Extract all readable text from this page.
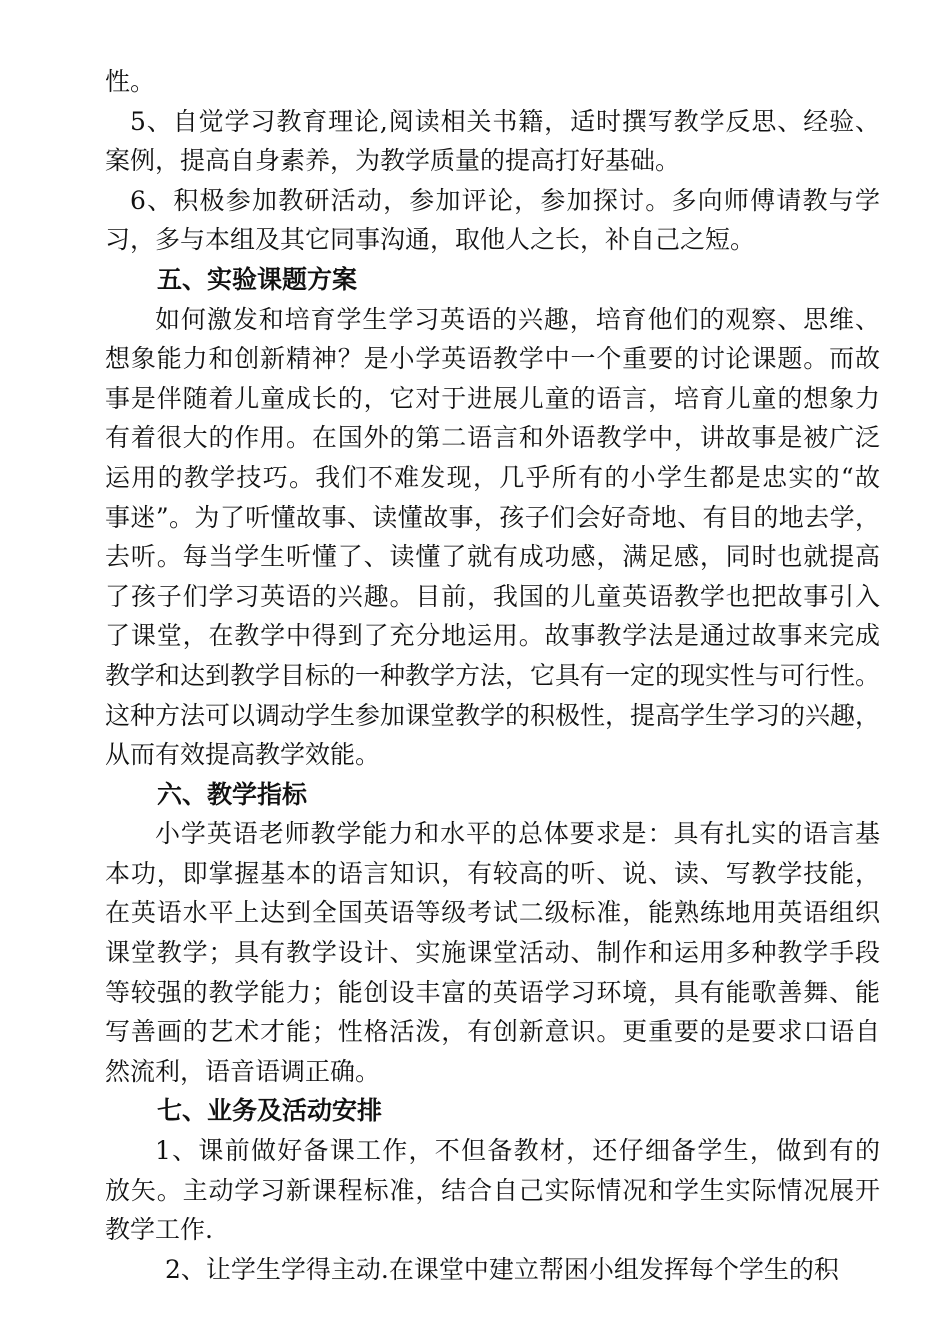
性。
5、自觉学习教育理论,阅读相关书籍，适时撰写教学反思、经验、
案例，提高自身素养，为教学质量的提高打好基础。
6、积极参加教研活动，参加评论，参加探讨。多向师傅请教与学
习，多与本组及其它同事沟通，取他人之长，补自己之短。
五、实验课题方案
如何激发和培育学生学习英语的兴趣，培育他们的观察、思维、
想象能力和创新精神？是小学英语教学中一个重要的讨论课题。而故
事是伴随着儿童成长的，它对于进展儿童的语言，培育儿童的想象力
有着很大的作用。在国外的第二语言和外语教学中，讲故事是被广泛
运用的教学技巧。我们不难发现，几乎所有的小学生都是忠实的“故
事迷”。为了听懂故事、读懂故事，孩子们会好奇地、有目的地去学，
去听。每当学生听懂了、读懂了就有成功感，满足感，同时也就提高
了孩子们学习英语的兴趣。目前，我国的儿童英语教学也把故事引入
了课堂，在教学中得到了充分地运用。故事教学法是通过故事来完成
教学和达到教学目标的一种教学方法，它具有一定的现实性与可行性。
这种方法可以调动学生参加课堂教学的积极性，提高学生学习的兴趣，
从而有效提高教学效能。
六、教学指标
小学英语老师教学能力和水平的总体要求是：具有扎实的语言基
本功，即掌握基本的语言知识，有较高的听、说、读、写教学技能，
在英语水平上达到全国英语等级考试二级标准，能熟练地用英语组织
课堂教学；具有教学设计、实施课堂活动、制作和运用多种教学手段
等较强的教学能力；能创设丰富的英语学习环境，具有能歌善舞、能
写善画的艺术才能；性格活泼，有创新意识。更重要的是要求口语自
然流利，语音语调正确。
七、业务及活动安排
1、课前做好备课工作，不但备教材，还仔细备学生，做到有的
放矢。主动学习新课程标准，结合自己实际情况和学生实际情况展开
教学工作.
2、让学生学得主动.在课堂中建立帮困小组发挥每个学生的积
